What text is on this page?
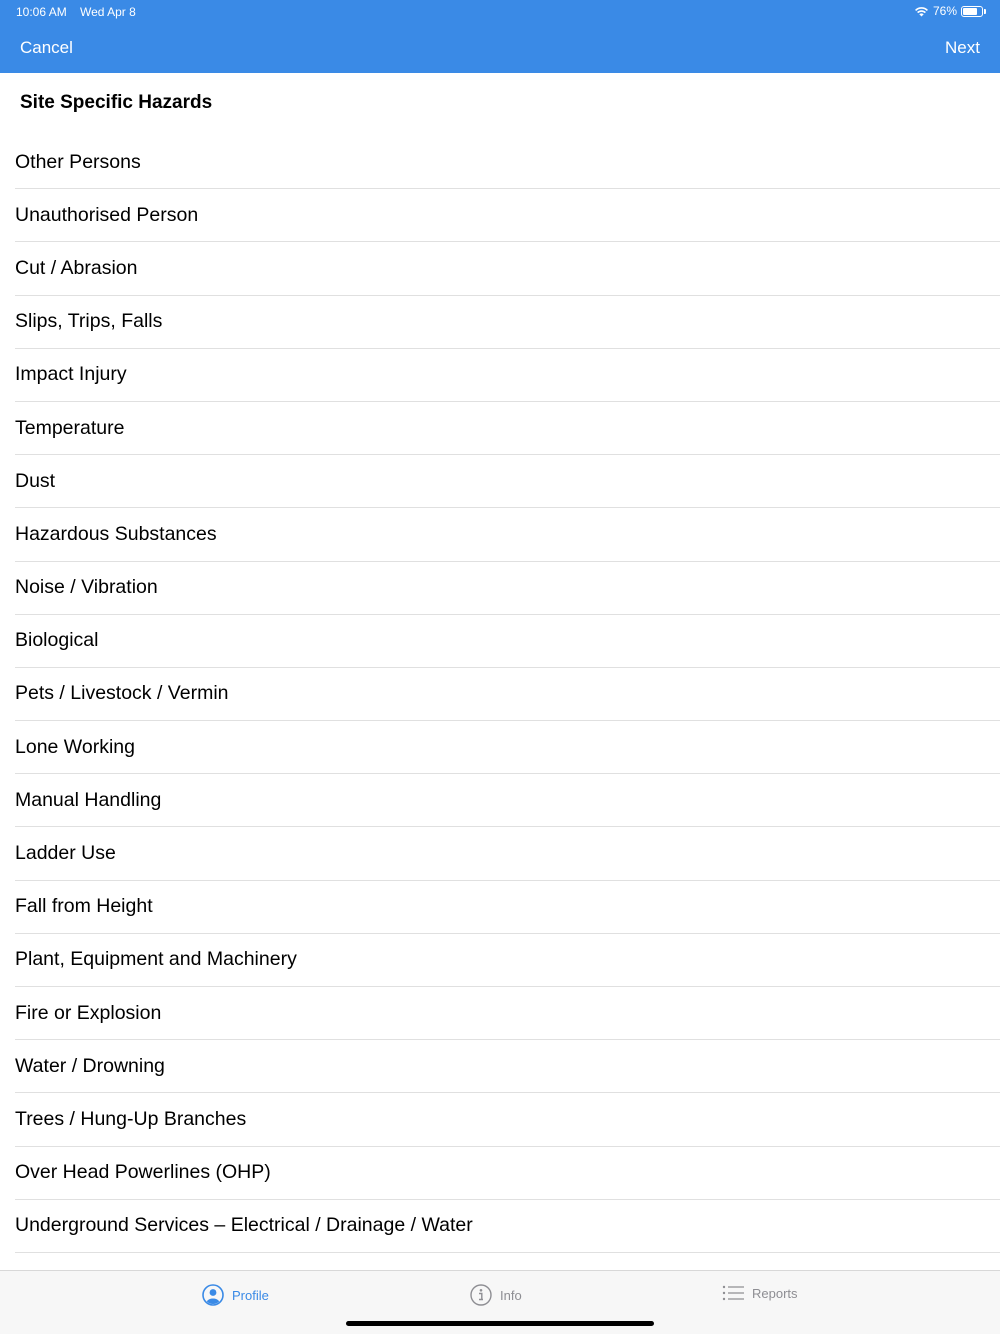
10:06 AM Wed Apr 8	76%
Cancel	Next
Site Specific Hazards
Other Persons
Unauthorised Person
Cut / Abrasion
Slips, Trips, Falls
Impact Injury
Temperature
Dust
Hazardous Substances
Noise / Vibration
Biological
Pets / Livestock / Vermin
Lone Working
Manual Handling
Ladder Use
Fall from Height
Plant, Equipment and Machinery
Fire or Explosion
Water / Drowning
Trees / Hung-Up Branches
Over Head Powerlines (OHP)
Underground Services – Electrical / Drainage / Water
Profile	Info	Reports
